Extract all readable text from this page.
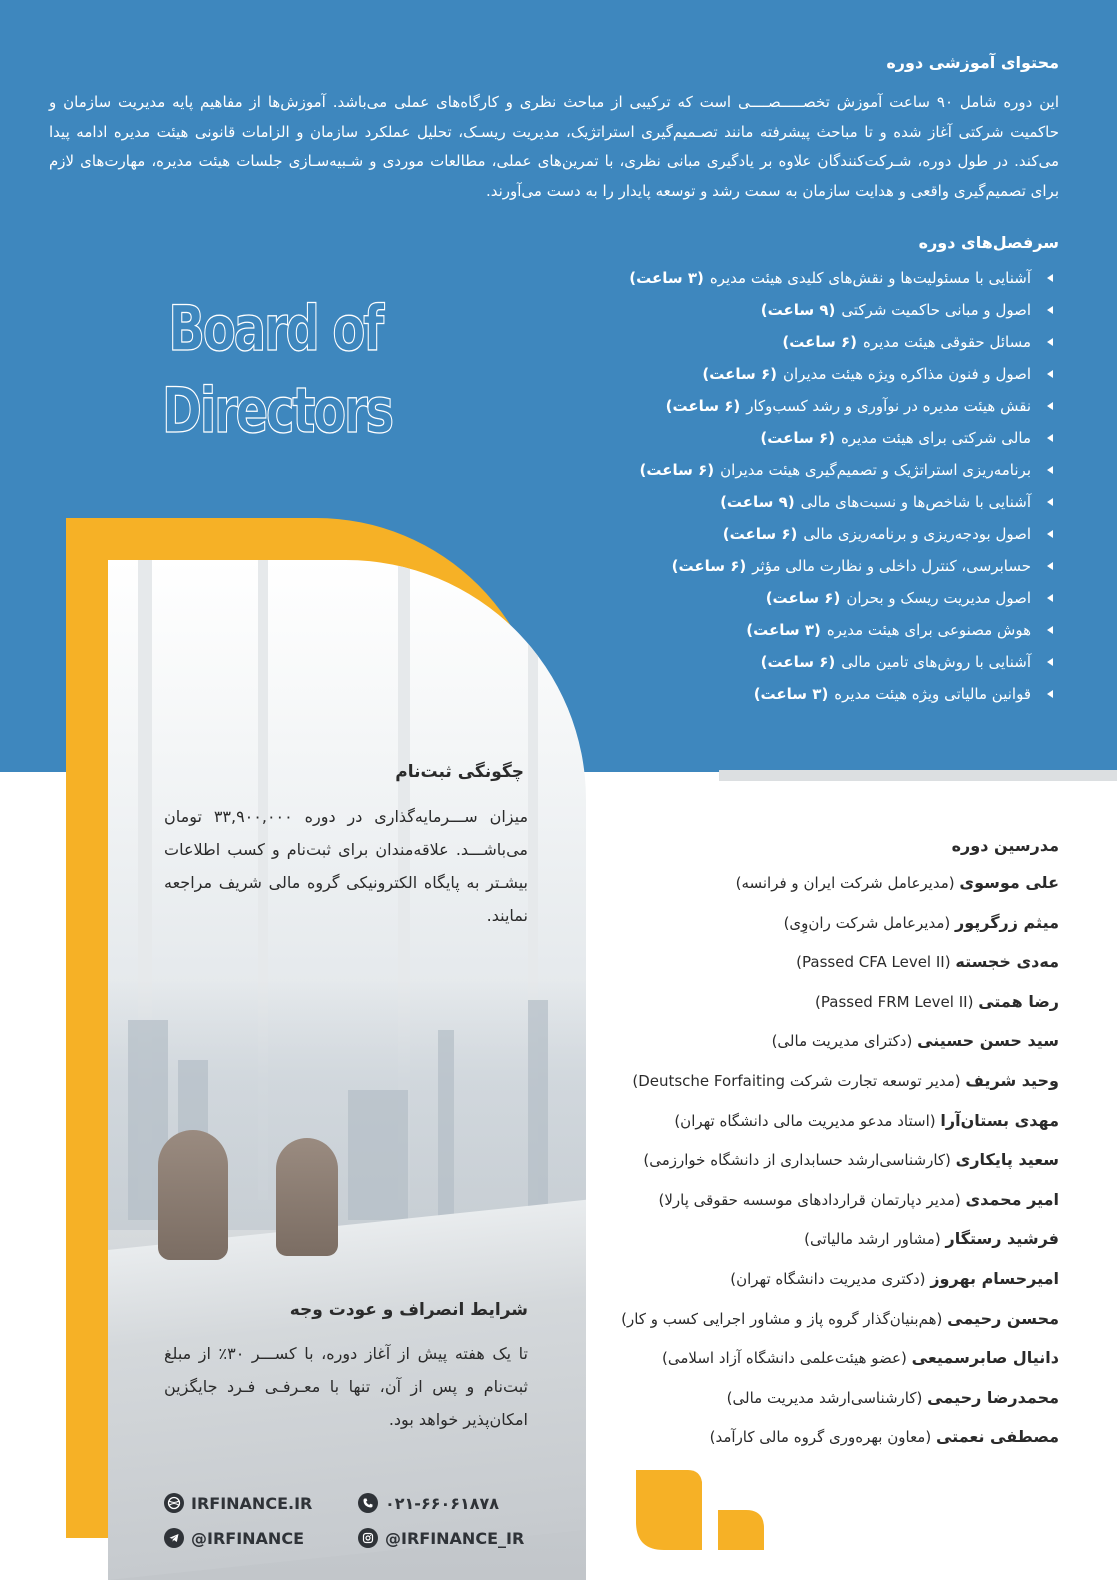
محتوای آموزشی دوره

این دوره شامل ۹۰ ساعت آموزش تخصـــــصــــی است که ترکیبی از مباحث نظری و کارگاه‌های عملی می‌باشد. آموزش‌ها از مفاهیم پایه مدیریت سازمان و حاکمیت شرکتی آغاز شده و تا مباحث پیشرفته مانند تصـمیم‌گیری استراتژیک، مدیریت ریسـک، تحلیل عملکرد سازمان و الزامات قانونی هیئت مدیره ادامه پیدا می‌کند. در طول دوره، شـرکت‌کنندگان علاوه بر یادگیری مبانی نظری، با تمرین‌های عملی، مطالعات موردی و شـبیه‌سـازی جلسات هیئت مدیره، مهارت‌های لازم برای تصمیم‌گیری واقعی و هدایت سازمان به سمت رشد و توسعه پایدار را به دست می‌آورند.

سرفصل‌های دوره
آشنایی با مسئولیت‌ها و نقش‌های کلیدی هیئت مدیره
(۳ ساعت)
اصول و مبانی حاکمیت شرکتی
(۹ ساعت)
مسائل حقوقی هیئت مدیره
(۶ ساعت)
اصول و فنون مذاکره ویژه هیئت مدیران
(۶ ساعت)
نقش هیئت مدیره در نوآوری و رشد کسب‌وکار
(۶ ساعت)
مالی شرکتی برای هیئت مدیره
(۶ ساعت)
برنامه‌ریزی استراتژیک و تصمیم‌گیری هیئت مدیران
(۶ ساعت)
آشنایی با شاخص‌ها و نسبت‌های مالی
(۹ ساعت)
اصول بودجه‌ریزی و برنامه‌ریزی مالی
(۶ ساعت)
حسابرسی، کنترل داخلی و نظارت مالی مؤثر
(۶ ساعت)
اصول مدیریت ریسک و بحران
(۶ ساعت)
هوش مصنوعی برای هیئت مدیره
(۳ ساعت)
آشنایی با روش‌های تامین مالی
(۶ ساعت)
قوانین مالیاتی ویژه هیئت مدیره
(۳ ساعت)
Board of
Directors
چگونگی ثبت‌نام

میزان ســـرمایه‌گذاری در دوره ۳۳,۹۰۰,۰۰۰ تومان می‌باشـــد. علاقه‌مندان برای ثبت‌نام و کسب اطلاعات بیشـتر به پایگاه الکترونیکی گروه مالی شریف مراجعه نمایند.

شرایط انصراف و عودت وجه

تا یک هفته پیش از آغاز دوره، با کســـر ۳۰٪ از مبلغ ثبت‌نام و پس از آن، تنها با معـرفـی فـرد جایگزین امکان‌پذیر خواهد بود.

IRFINANCE.IR	۰۲۱-۶۶۰۶۱۸۷۸
@IRFINANCE	@IRFINANCE_IR
مدرسین دوره
علی موسوی (مدیرعامل شرکت ایران و فرانسه)
میثم زرگرپور (مدیرعامل شرکت ران‌وِی)
مه‌دی خجسته (Passed CFA Level II)
رضا همتی (Passed FRM Level II)
سید حسن حسینی (دکترای مدیریت مالی)
وحید شریف (مدیر توسعه تجارت شرکت Deutsche Forfaiting)
مهدی بستان‌آرا (استاد مدعو مدیریت مالی دانشگاه تهران)
سعید پایکاری (کارشناسی‌ارشد حسابداری از دانشگاه خوارزمی)
امیر محمدی (مدیر دپارتمان قراردادهای موسسه حقوقی پارلا)
فرشید رستگار (مشاور ارشد مالیاتی)
امیرحسام بهروز (دکتری مدیریت دانشگاه تهران)
محسن رحیمی (هم‌بنیان‌گذار گروه پاز و مشاور اجرایی کسب و کار)
دانیال صابرسمیعی (عضو هیئت‌علمی دانشگاه آزاد اسلامی)
محمدرضا رحیمی (کارشناسی‌ارشد مدیریت مالی)
مصطفی نعمتی (معاون بهره‌وری گروه مالی کارآمد)
